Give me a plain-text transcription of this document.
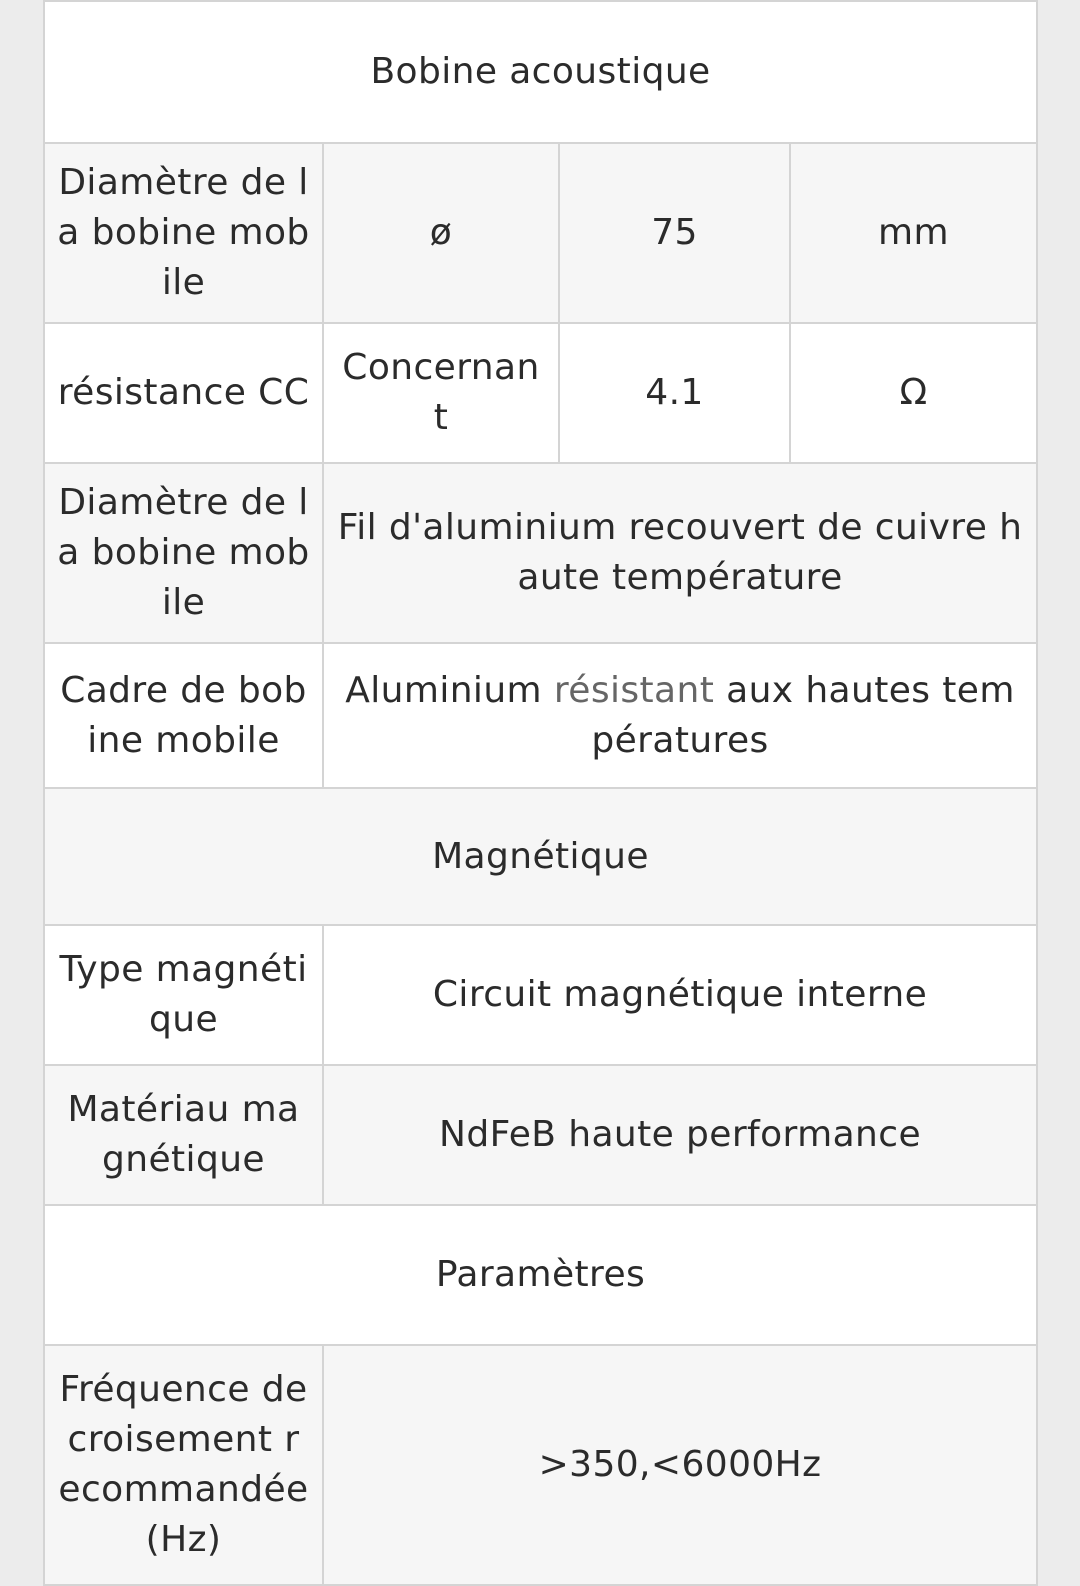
Bobine acoustique			
Diamètre de la bobine mobile	ø	75	mm
résistance CC	Concernant	4.1	Ω
Diamètre de la bobine mobile	Fil d'aluminium recouvert de cuivre haute température		
Cadre de bobine mobile	Aluminium résistant aux hautes températures		
Magnétique			
Type magnétique	Circuit magnétique interne		
Matériau magnétique	NdFeB haute performance		
Paramètres			
Fréquence de croisement recommandée (Hz)	>350,<6000Hz		
